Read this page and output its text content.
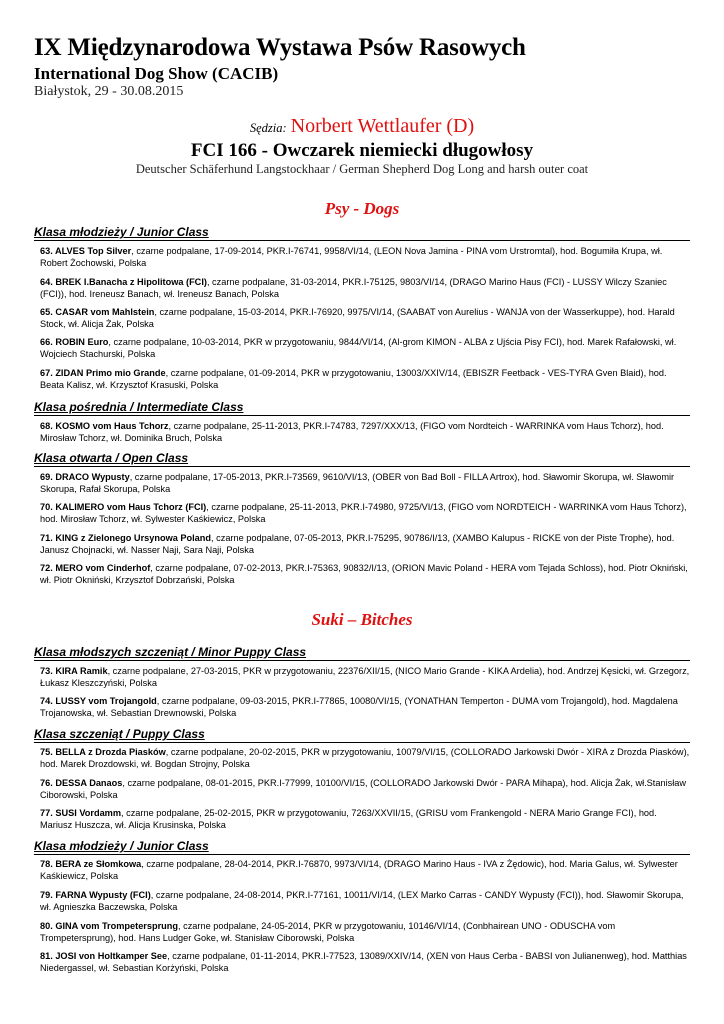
IX Międzynarodowa Wystawa Psów Rasowych
International Dog Show (CACIB)
Białystok, 29 - 30.08.2015
Sędzia: Norbert Wettlaufer (D)
FCI 166 - Owczarek niemiecki długowłosy
Deutscher Schäferhund Langstockhaar / German Shepherd Dog Long and harsh outer coat
Psy - Dogs
Klasa młodzieży / Junior Class
63. ALVES Top Silver, czarne podpalane, 17-09-2014, PKR.I-76741, 9958/VI/14, (LEON Nova Jamina - PINA vom Urstromtal), hod. Bogumiła Krupa, wł. Robert Żochowski, Polska
64. BREK I.Banacha z Hipolitowa (FCI), czarne podpalane, 31-03-2014, PKR.I-75125, 9803/VI/14, (DRAGO Marino Haus (FCI) - LUSSY Wilczy Szaniec (FCI)), hod. Ireneusz Banach, wł. Ireneusz Banach, Polska
65. CASAR vom Mahlstein, czarne podpalane, 15-03-2014, PKR.I-76920, 9975/VI/14, (SAABAT von Aurelius - WANJA von der Wasserkuppe), hod. Harald Stock, wł. Alicja Żak, Polska
66. ROBIN Euro, czarne podpalane, 10-03-2014, PKR w przygotowaniu, 9844/VI/14, (Al-grom KIMON - ALBA z Ujścia Pisy FCI), hod. Marek Rafałowski, wł. Wojciech Stachurski, Polska
67. ZIDAN Primo mio Grande, czarne podpalane, 01-09-2014, PKR w przygotowaniu, 13003/XXIV/14, (EBISZR Feetback - VES-TYRA Gven Blaid), hod. Beata Kalisz, wł. Krzysztof Krasuski, Polska
Klasa pośrednia / Intermediate Class
68. KOSMO vom Haus Tchorz, czarne podpalane, 25-11-2013, PKR.I-74783, 7297/XXX/13, (FIGO vom Nordteich - WARRINKA vom Haus Tchorz), hod. Mirosław Tchorz, wł. Dominika Bruch, Polska
Klasa otwarta / Open Class
69. DRACO Wypusty, czarne podpalane, 17-05-2013, PKR.I-73569, 9610/VI/13, (OBER von Bad Boll - FILLA Artrox), hod. Sławomir Skorupa, wł. Sławomir Skorupa, Rafał Skorupa, Polska
70. KALIMERO vom Haus Tchorz (FCI), czarne podpalane, 25-11-2013, PKR.I-74980, 9725/VI/13, (FIGO vom NORDTEICH - WARRINKA vom Haus Tchorz), hod. Mirosław Tchorz, wł. Sylwester Kaśkiewicz, Polska
71. KING z Zielonego Ursynowa Poland, czarne podpalane, 07-05-2013, PKR.I-75295, 90786/I/13, (XAMBO Kalupus - RICKE von der Piste Trophe), hod. Janusz Chojnacki, wł. Nasser Naji, Sara Naji, Polska
72. MERO vom Cinderhof, czarne podpalane, 07-02-2013, PKR.I-75363, 90832/I/13, (ORION Mavic Poland - HERA vom Tejada Schloss), hod. Piotr Okniński, wł. Piotr Okniński, Krzysztof Dobrzański, Polska
Suki – Bitches
Klasa młodszych szczeniąt / Minor Puppy Class
73. KIRA Ramik, czarne podpalane, 27-03-2015, PKR w przygotowaniu, 22376/XII/15, (NICO Mario Grande - KIKA Ardelia), hod. Andrzej Kęsicki, wł. Grzegorz, Łukasz Kleszczyński, Polska
74. LUSSY vom Trojangold, czarne podpalane, 09-03-2015, PKR.I-77865, 10080/VI/15, (YONATHAN Temperton - DUMA vom Trojangold), hod. Magdalena Trojanowska, wł. Sebastian Drewnowski, Polska
Klasa szczeniąt / Puppy Class
75. BELLA z Drozda Piasków, czarne podpalane, 20-02-2015, PKR w przygotowaniu, 10079/VI/15, (COLLORADO Jarkowski Dwór - XIRA z Drozda Piasków), hod. Marek Drozdowski, wł. Bogdan Strojny, Polska
76. DESSA Danaos, czarne podpalane, 08-01-2015, PKR.I-77999, 10100/VI/15, (COLLORADO Jarkowski Dwór - PARA Mihapa), hod. Alicja Żak, wł.Stanisław Ciborowski, Polska
77. SUSI Vordamm, czarne podpalane, 25-02-2015, PKR w przygotowaniu, 7263/XXVII/15, (GRISU vom Frankengold - NERA Mario Grange FCI), hod. Mariusz Huszcza, wł. Alicja Krusinska, Polska
Klasa młodzieży / Junior Class
78. BERA ze Słomkowa, czarne podpalane, 28-04-2014, PKR.I-76870, 9973/VI/14, (DRAGO Marino Haus - IVA z Żędowic), hod. Maria Galus, wł. Sylwester Kaśkiewicz, Polska
79. FARNA Wypusty (FCI), czarne podpalane, 24-08-2014, PKR.I-77161, 10011/VI/14, (LEX Marko Carras - CANDY Wypusty (FCI)), hod. Sławomir Skorupa, wł. Agnieszka Baczewska, Polska
80. GINA vom Trompetersprung, czarne podpalane, 24-05-2014, PKR w przygotowaniu, 10146/VI/14, (Conbhairean UNO - ODUSCHA vom Trompetersprung), hod. Hans Ludger Goke, wł. Stanisław Ciborowski, Polska
81. JOSI von Holtkamper See, czarne podpalane, 01-11-2014, PKR.I-77523, 13089/XXIV/14, (XEN von Haus Cerba - BABSI von Julianenweg), hod. Matthias Niedergassel, wł. Sebastian Korżyński, Polska
